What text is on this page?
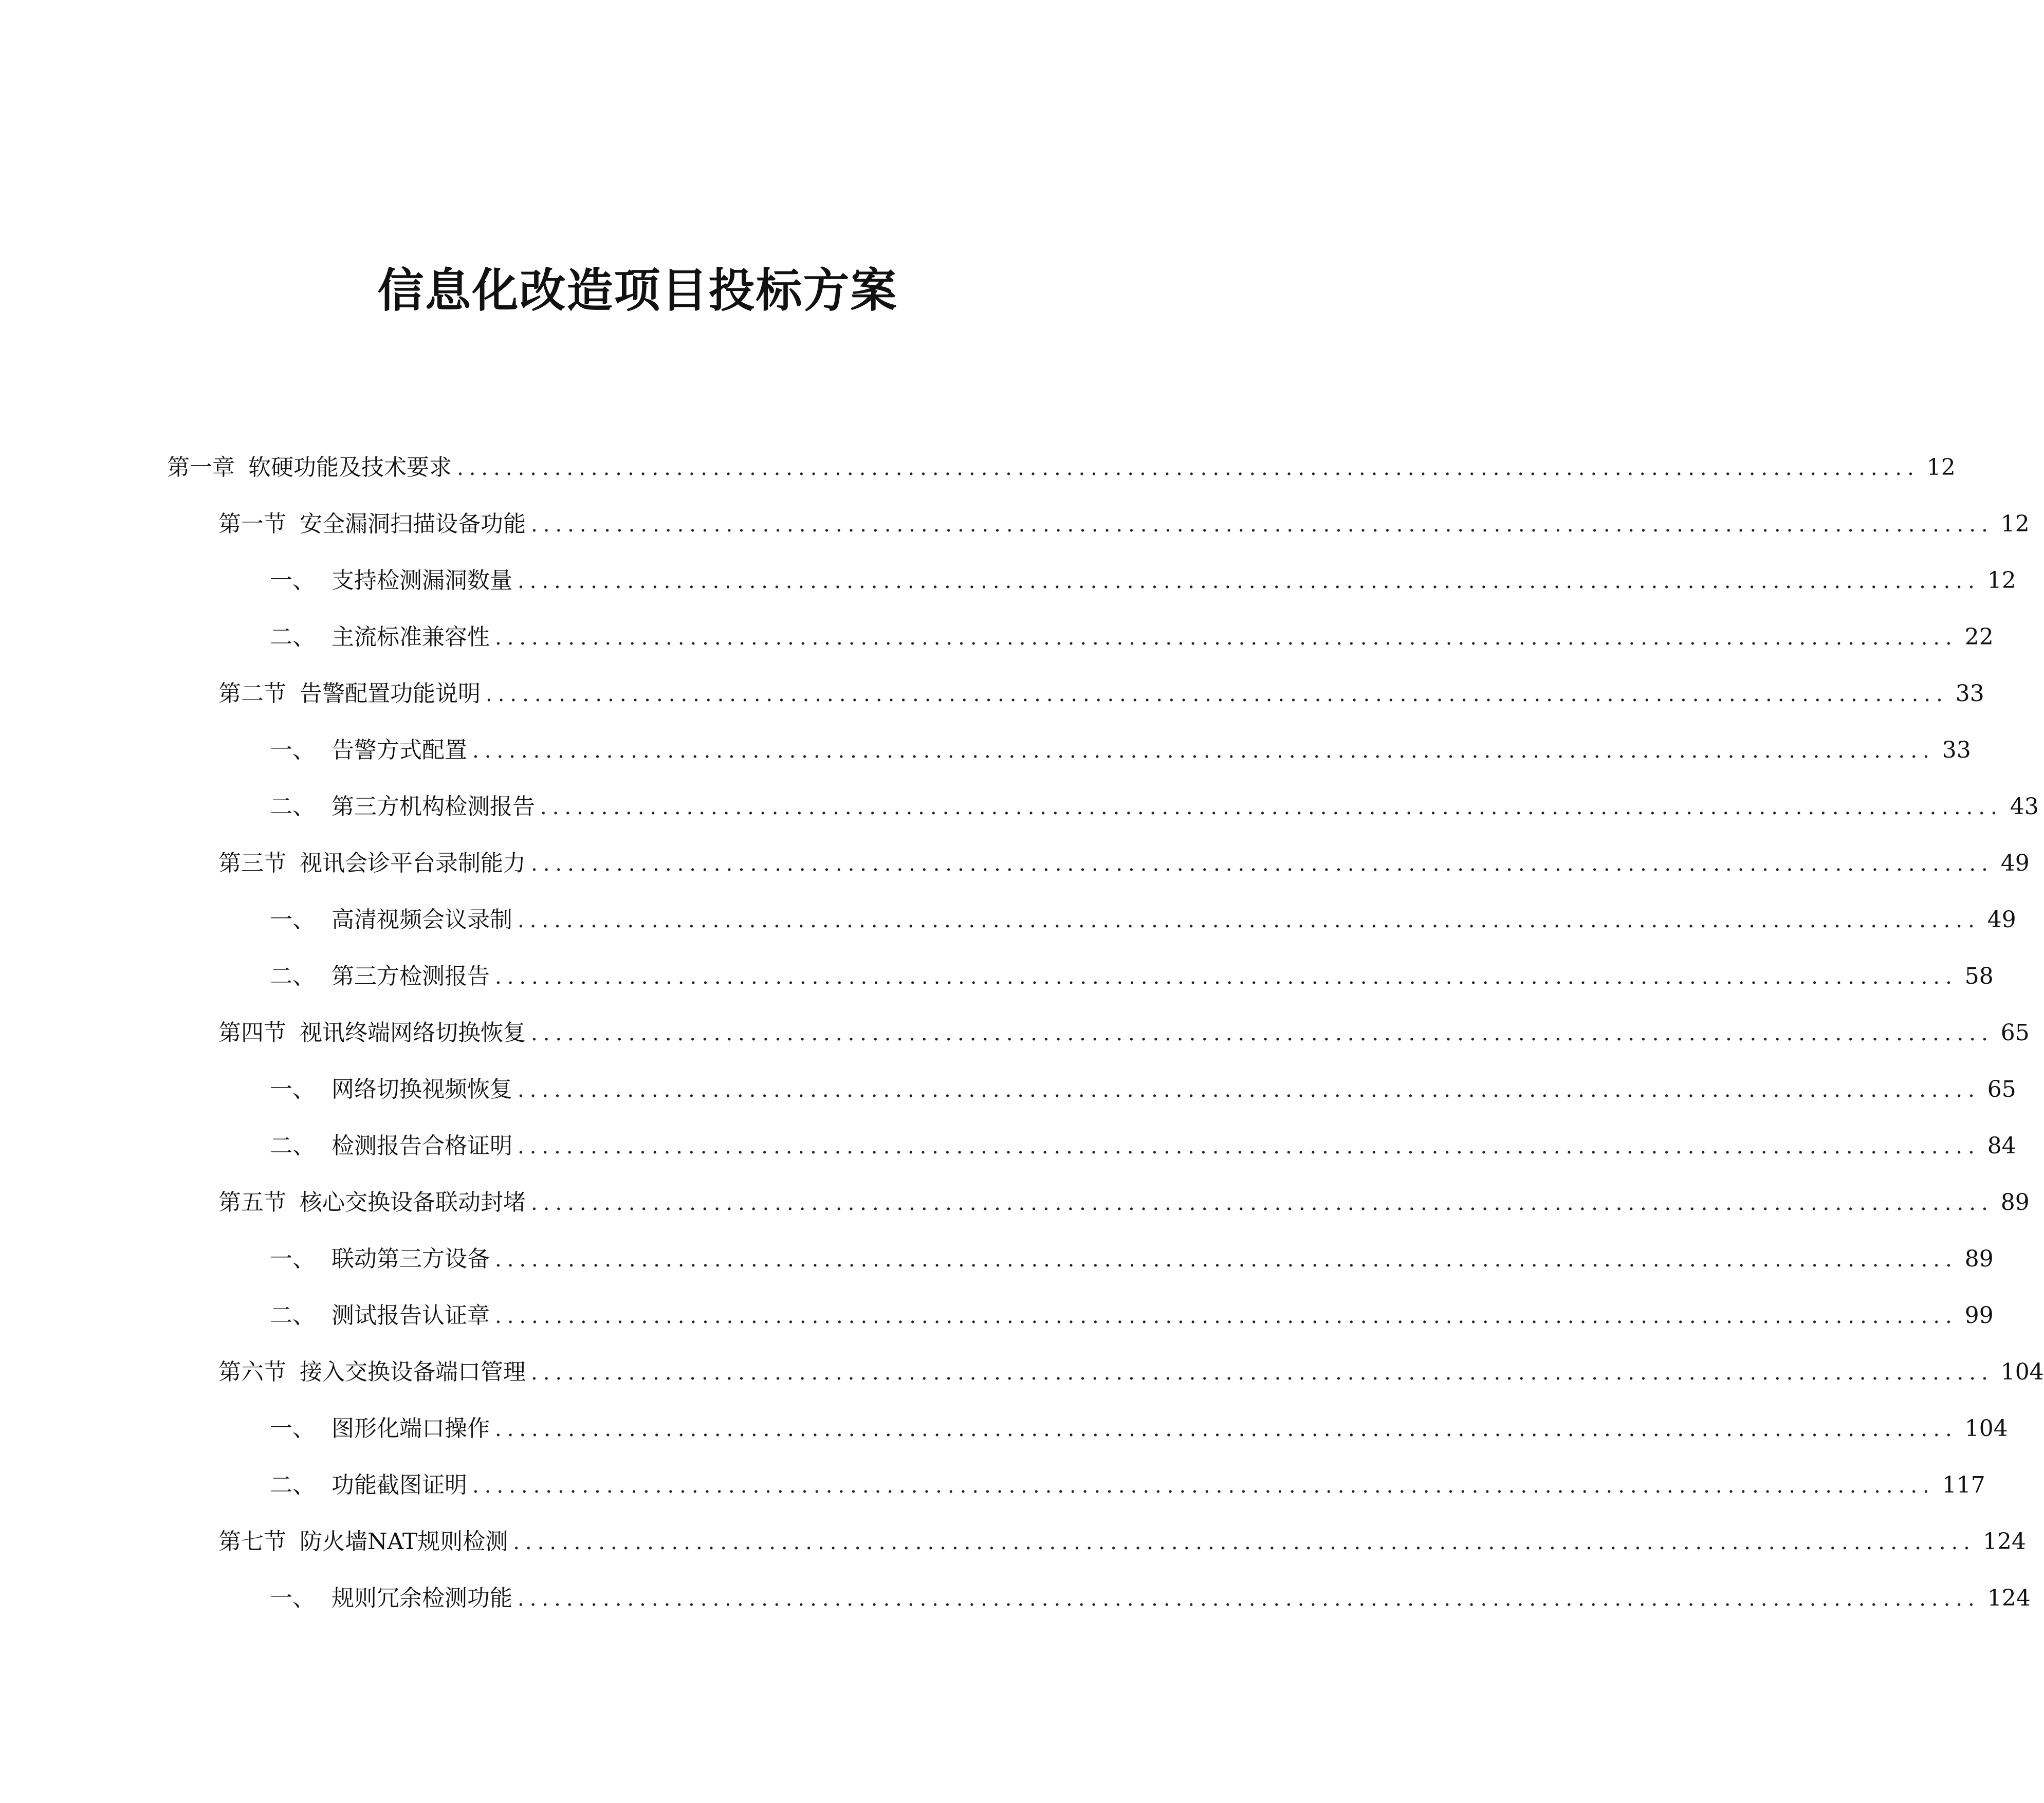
信息化改造项目投标方案
第一章 软硬功能及技术要求 ........................................................................................................................ 12
第一节 安全漏洞扫描设备功能 ........................................................................................................................ 12
一、 支持检测漏洞数量 ........................................................................................................................ 12
二、 主流标准兼容性 ........................................................................................................................ 22
第二节 告警配置功能说明 ........................................................................................................................ 33
一、 告警方式配置 ........................................................................................................................ 33
二、 第三方机构检测报告 ........................................................................................................................ 43
第三节 视讯会诊平台录制能力 ........................................................................................................................ 49
一、 高清视频会议录制 ........................................................................................................................ 49
二、 第三方检测报告 ........................................................................................................................ 58
第四节 视讯终端网络切换恢复 ........................................................................................................................ 65
一、 网络切换视频恢复 ........................................................................................................................ 65
二、 检测报告合格证明 ........................................................................................................................ 84
第五节 核心交换设备联动封堵 ........................................................................................................................ 89
一、 联动第三方设备 ........................................................................................................................ 89
二、 测试报告认证章 ........................................................................................................................ 99
第六节 接入交换设备端口管理 ........................................................................................................................ 104
一、 图形化端口操作 ........................................................................................................................ 104
二、 功能截图证明 ........................................................................................................................ 117
第七节 防火墙NAT规则检测 ........................................................................................................................ 124
一、 规则冗余检测功能 ........................................................................................................................ 124
